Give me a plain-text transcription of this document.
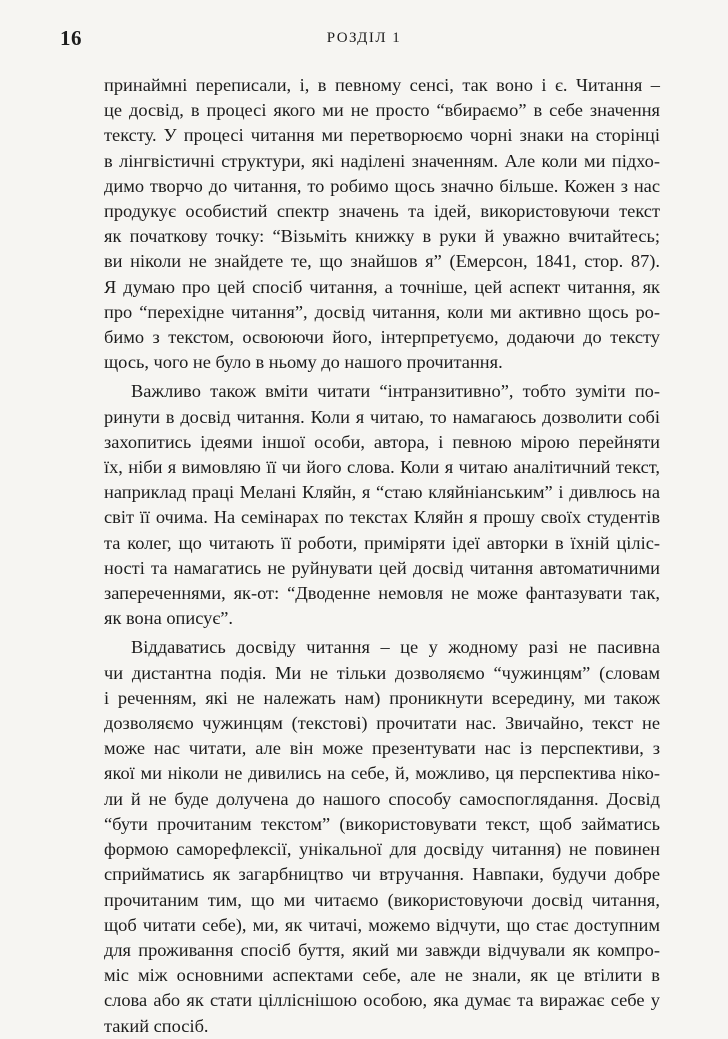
16	РОЗДІЛ 1
принаймні переписали, і, в певному сенсі, так воно і є. Читання –
це досвід, в процесі якого ми не просто “вбираємо” в себе значення
тексту. У процесі читання ми перетворюємо чорні знаки на сторінці
в лінгвістичні структури, які наділені значенням. Але коли ми підхо-
димо творчо до читання, то робимо щось значно більше. Кожен з нас
продукує особистий спектр значень та ідей, використовуючи текст
як початкову точку: “Візьміть книжку в руки й уважно вчитайтесь;
ви ніколи не знайдете те, що знайшов я” (Емерсон, 1841, стор. 87).
Я думаю про цей спосіб читання, а точніше, цей аспект читання, як
про “перехідне читання”, досвід читання, коли ми активно щось ро-
бимо з текстом, освоюючи його, інтерпретуємо, додаючи до тексту
щось, чого не було в ньому до нашого прочитання.
Важливо також вміти читати “інтранзитивно”, тобто зуміти по-
ринути в досвід читання. Коли я читаю, то намагаюсь дозволити собі
захопитись ідеями іншої особи, автора, і певною мірою перейняти
їх, ніби я вимовляю її чи його слова. Коли я читаю аналітичний текст,
наприклад праці Мелані Кляйн, я “стаю кляйніанським” і дивлюсь на
світ її очима. На семінарах по текстах Кляйн я прошу своїх студентів
та колег, що читають її роботи, приміряти ідеї авторки в їхній ціліс-
ності та намагатись не руйнувати цей досвід читання автоматичними
запереченнями, як-от: “Дводенне немовля не може фантазувати так,
як вона описує”.
Віддаватись досвіду читання – це у жодному разі не пасивна
чи дистантна подія. Ми не тільки дозволяємо “чужинцям” (словам
і реченням, які не належать нам) проникнути всередину, ми також
дозволяємо чужинцям (текстові) прочитати нас. Звичайно, текст не
може нас читати, але він може презентувати нас із перспективи, з
якої ми ніколи не дивились на себе, й, можливо, ця перспектива ніко-
ли й не буде долучена до нашого способу самоспоглядання. Досвід
“бути прочитаним текстом” (використовувати текст, щоб займатись
формою саморефлексії, унікальної для досвіду читання) не повинен
сприйматись як загарбництво чи втручання. Навпаки, будучи добре
прочитаним тим, що ми читаємо (використовуючи досвід читання,
щоб читати себе), ми, як читачі, можемо відчути, що стає доступним
для проживання спосіб буття, який ми завжди відчували як компро-
міс між основними аспектами себе, але не знали, як це втілити в
слова або як стати цілліснішою особою, яка думає та виражає себе у
такий спосіб.
